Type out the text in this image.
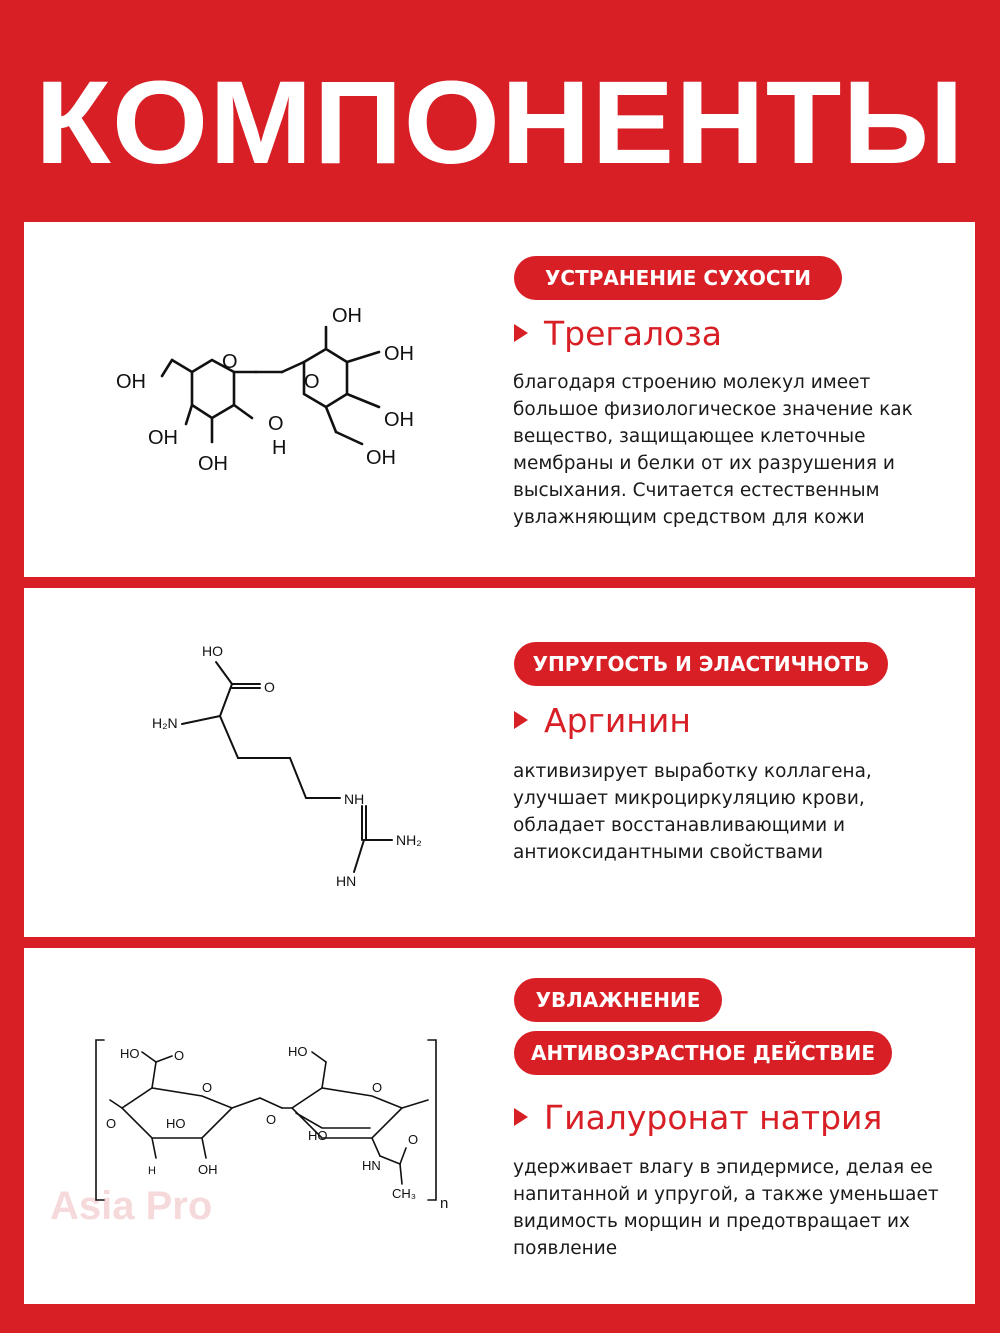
КОМПОНЕНТЫ
O
O
OH
OH
OH
OH
OH
O
H
OH
OH
УСТРАНЕНИЕ СУХОСТИ
Трегалоза
благодаря строению молекул имеет большое физиологическое значение как вещество, защищающее клеточные мембраны и белки от их разрушения и высыхания. Считается естественным увлажняющим средством для кожи
HO
O
H₂N
NH
NH₂
HN
УПРУГОСТЬ И ЭЛАСТИЧНОТЬ
Аргинин
активизирует выработку коллагена, улучшает микроциркуляцию крови, обладает восстанавливающими и антиоксидантными свойствами
Asia Pro
HO	O
O
O	O
O
HO
OH
HO
HO
HN
O
CH₃
H
n
УВЛАЖНЕНИЕ
АНТИВОЗРАСТНОЕ ДЕЙСТВИЕ
Гиалуронат натрия
удерживает влагу в эпидермисе, делая ее напитанной и упругой, а также уменьшает видимость морщин и предотвращает их появление
